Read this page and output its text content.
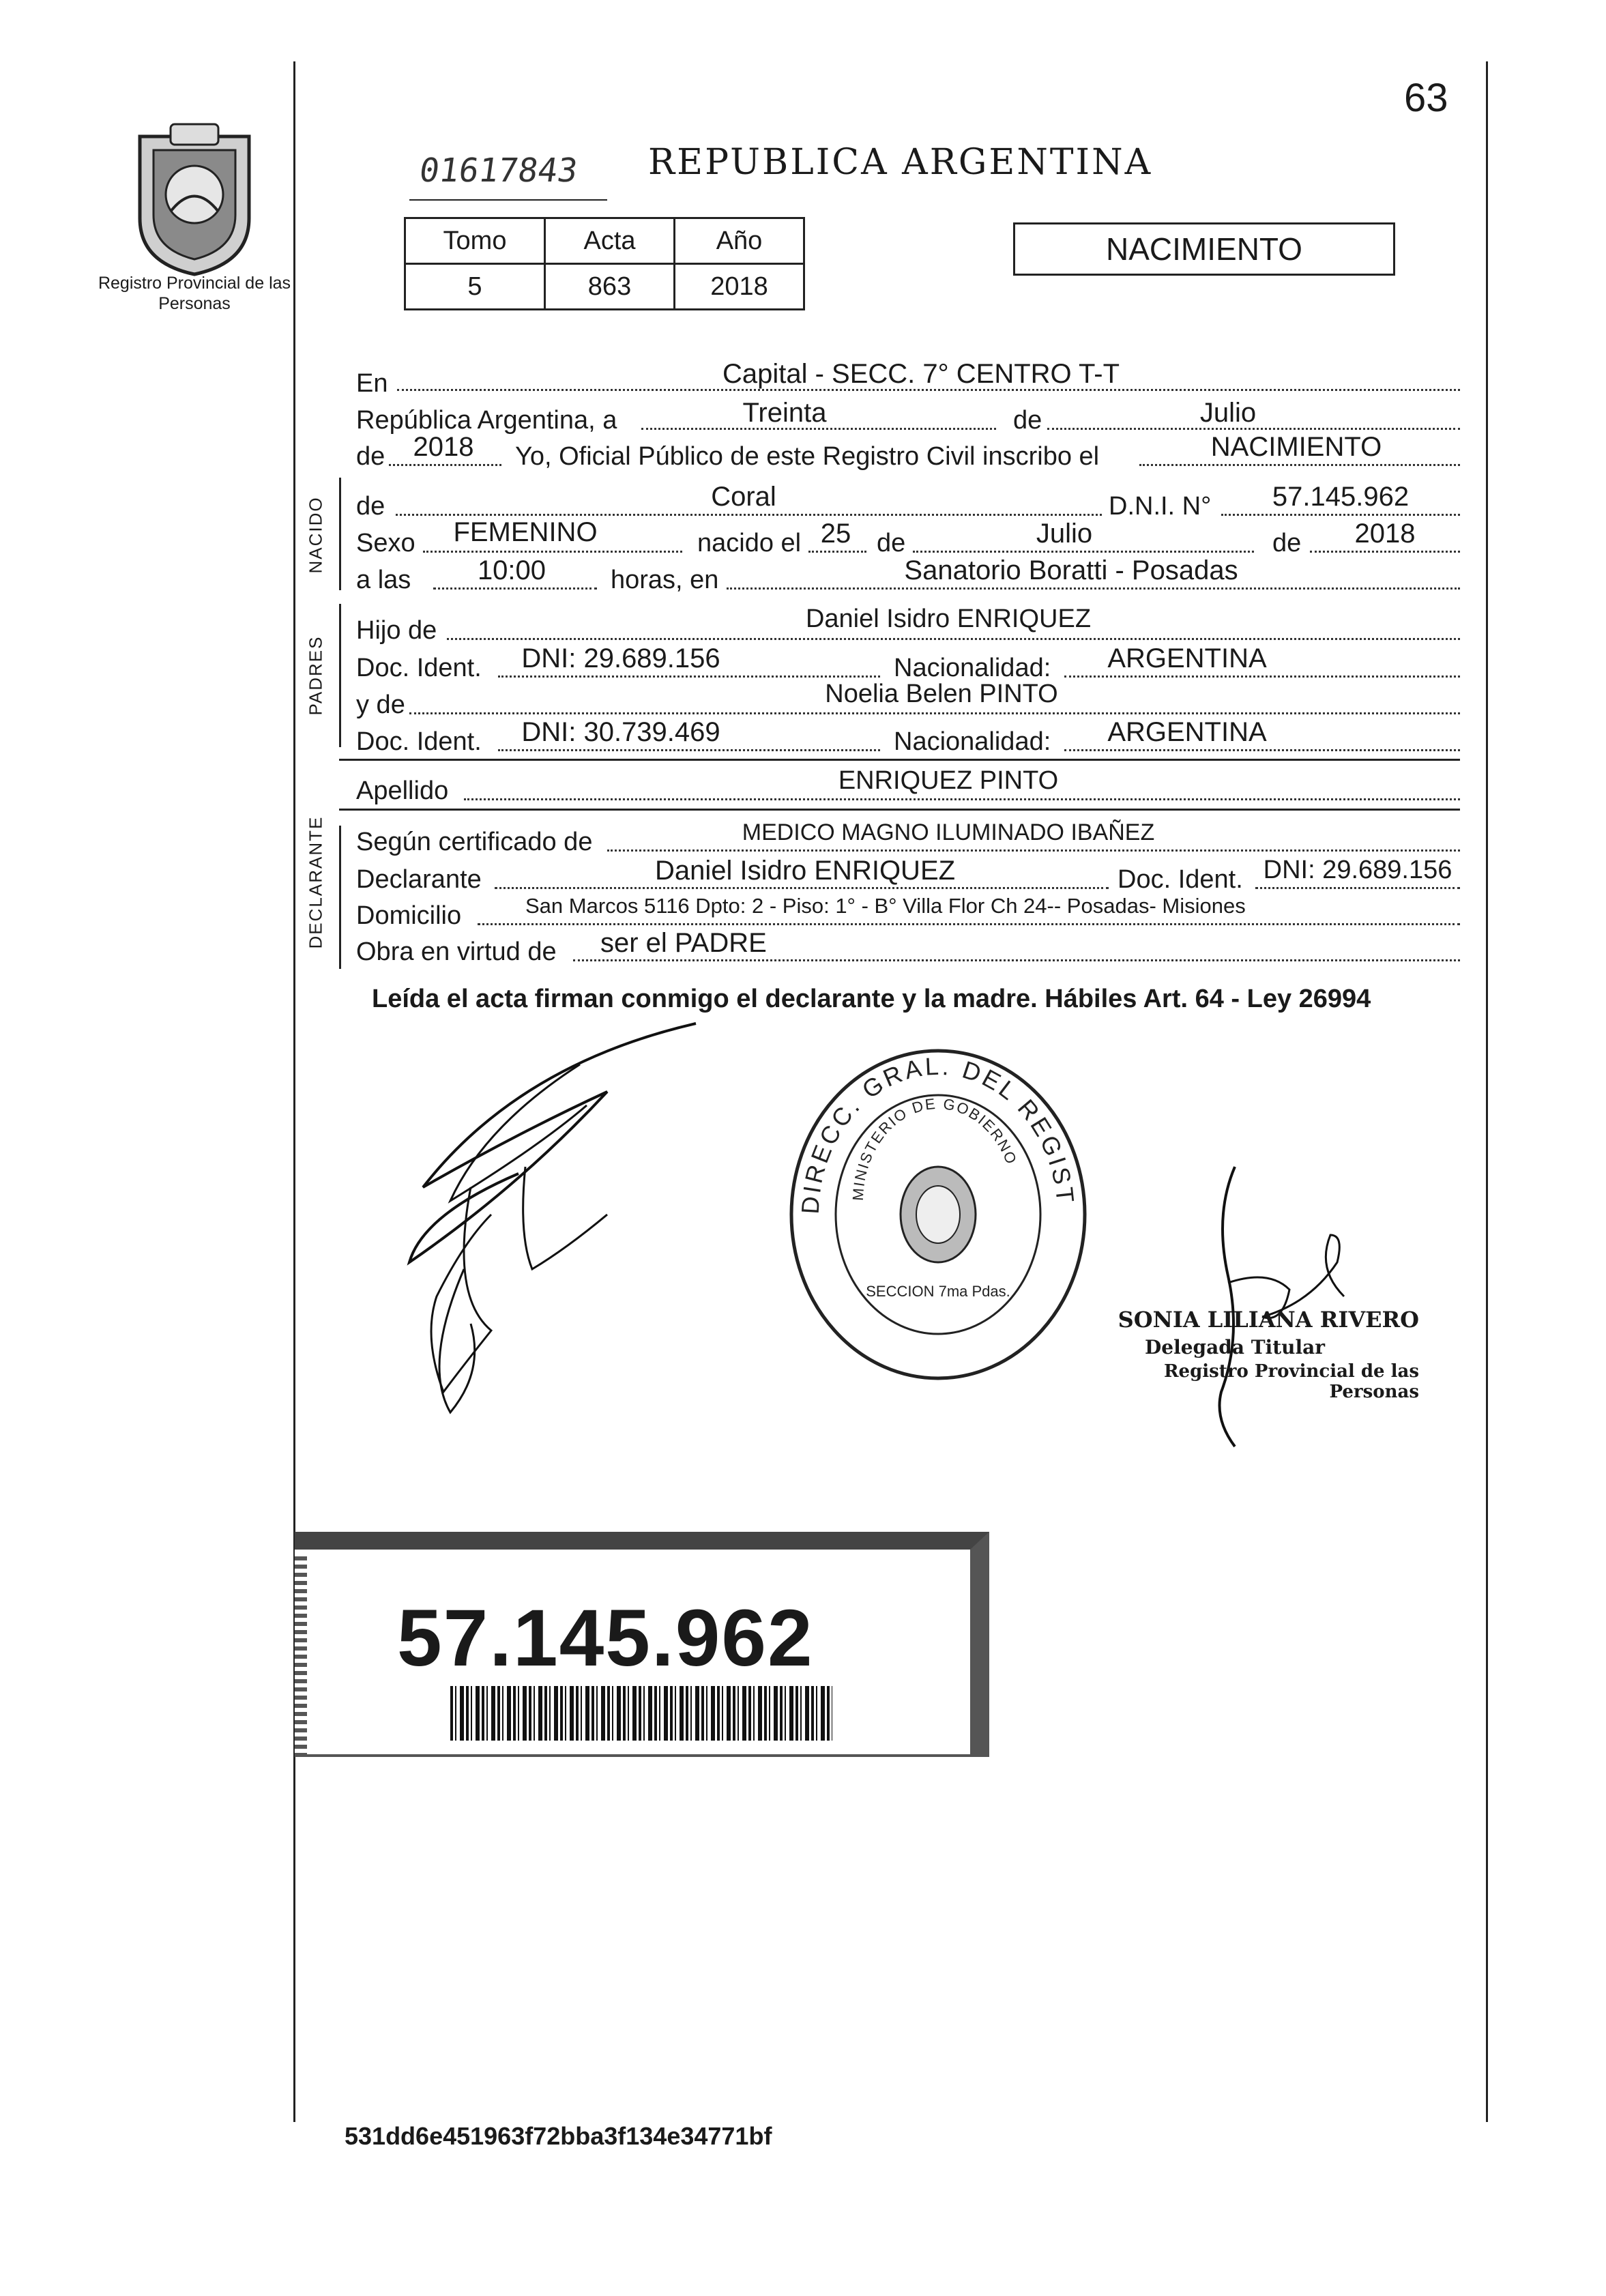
Registro Provincial de las Personas
63
01617843 REPUBLICA ARGENTINA
Tomo	Acta	Año
5	863	2018
NACIMIENTO
En	Capital - SECC. 7° CENTRO T-T
República Argentina, a	Treinta	de	Julio
de	2018	Yo, Oficial Público de este Registro Civil inscribo el	NACIMIENTO
NACIDO de	Coral	D.N.I. N°	57.145.962
Sexo	FEMENINO	nacido el 25 de	Julio	de	2018
a las	10:00	horas, en	Sanatorio Boratti - Posadas
PADRES
Hijo de	Daniel Isidro ENRIQUEZ
Doc. Ident.	DNI: 29.689.156	Nacionalidad:	ARGENTINA
y de	Noelia Belen PINTO
Doc. Ident.	DNI: 30.739.469	Nacionalidad:	ARGENTINA
Apellido	ENRIQUEZ PINTO
DECLARANTE Según certificado de	MEDICO MAGNO ILUMINADO IBAÑEZ
Declarante	Daniel Isidro ENRIQUEZ	Doc. Ident. DNI: 29.689.156
Domicilio	San Marcos 5116 Dpto: 2 - Piso: 1° - B° Villa Flor Ch 24-- Posadas- Misiones
Obra en virtud de ser el PADRE
Leída el acta firman conmigo el declarante y la madre. Hábiles Art. 64 - Ley 26994
DIRECC. GRAL. DEL REGIST
MINISTERIO DE GOBIERNO
SECCION 7ma Pdas.
SONIA LILIANA RIVERO
Delegada Titular
Registro Provincial de las Personas
57.145.962
531dd6e451963f72bba3f134e34771bf
